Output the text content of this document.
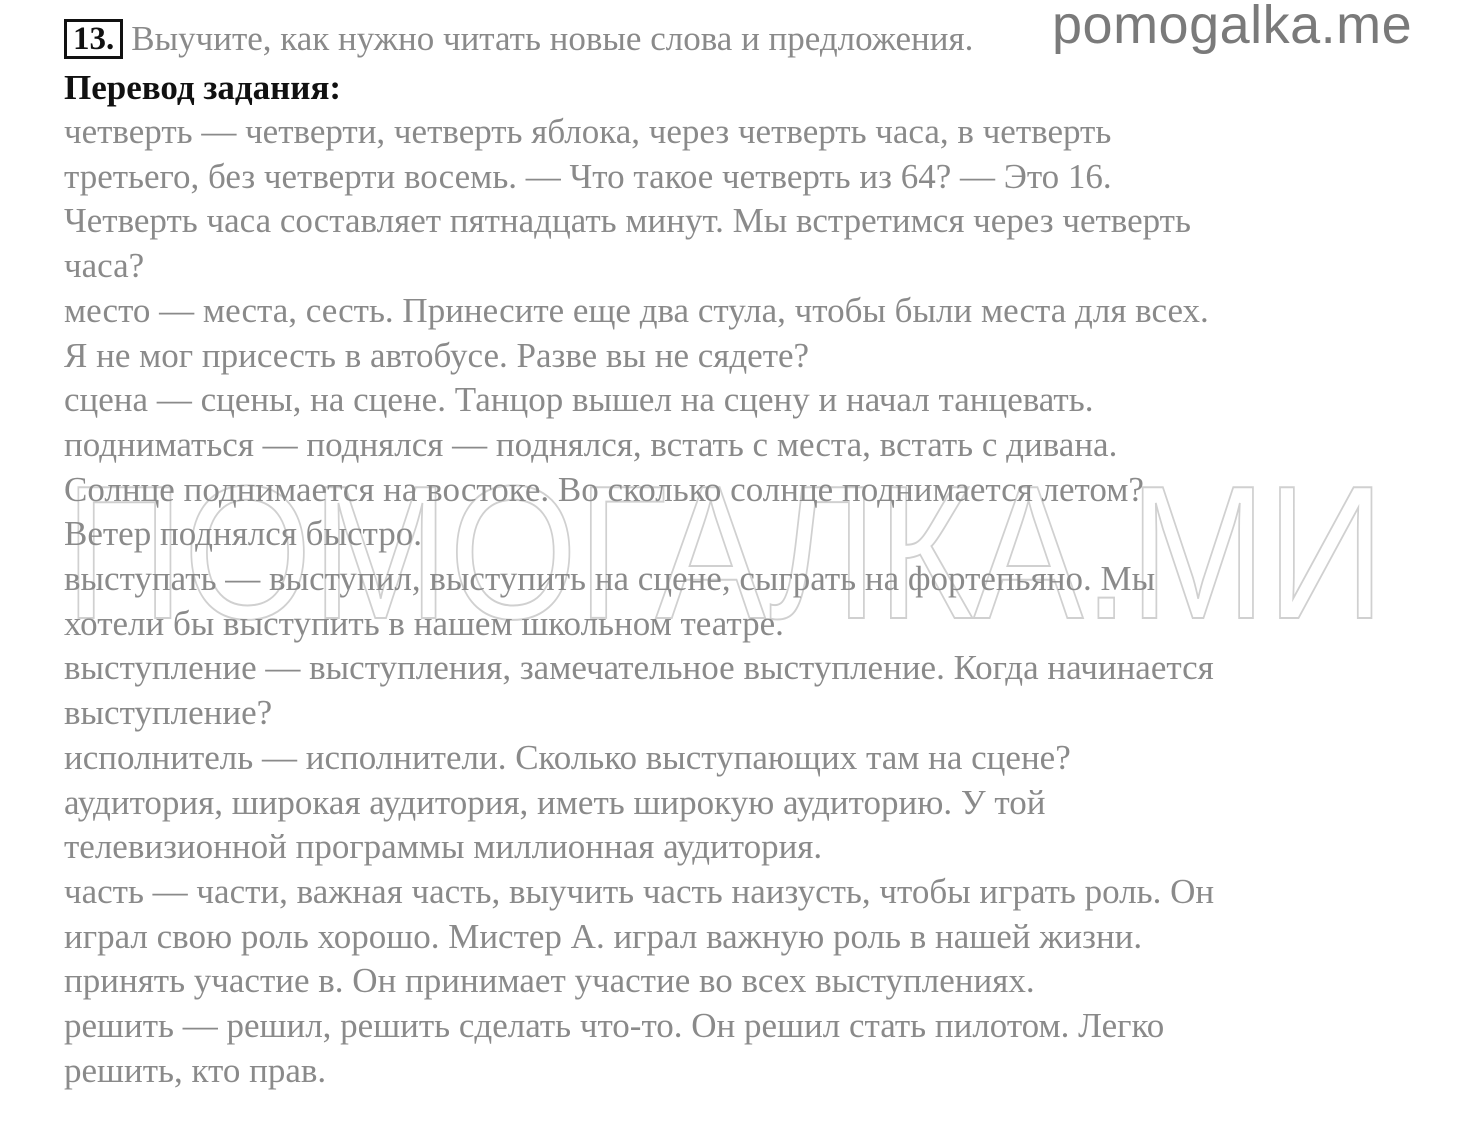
13. Выучите, как нужно читать новые слова и предложения. pomogalka.me
Перевод задания:
ПОМОГАЛКА.МИ
четверть — четверти, четверть яблока, через четверть часа, в четверть
третьего, без четверти восемь. — Что такое четверть из 64? — Это 16.
Четверть часа составляет пятнадцать минут. Мы встретимся через четверть
часа?
место — места, сесть. Принесите еще два стула, чтобы были места для всех.
Я не мог присесть в автобусе. Разве вы не сядете?
сцена — сцены, на сцене. Танцор вышел на сцену и начал танцевать.
подниматься — поднялся — поднялся, встать с места, встать с дивана.
Солнце поднимается на востоке. Во сколько солнце поднимается летом?
Ветер поднялся быстро.
выступать — выступил, выступить на сцене, сыграть на фортепьяно. Мы
хотели бы выступить в нашем школьном театре.
выступление — выступления, замечательное выступление. Когда начинается
выступление?
исполнитель — исполнители. Сколько выступающих там на сцене?
аудитория, широкая аудитория, иметь широкую аудиторию. У той
телевизионной программы миллионная аудитория.
часть — части, важная часть, выучить часть наизусть, чтобы играть роль. Он
играл свою роль хорошо. Мистер А. играл важную роль в нашей жизни.
принять участие в. Он принимает участие во всех выступлениях.
решить — решил, решить сделать что-то. Он решил стать пилотом. Легко
решить, кто прав.
